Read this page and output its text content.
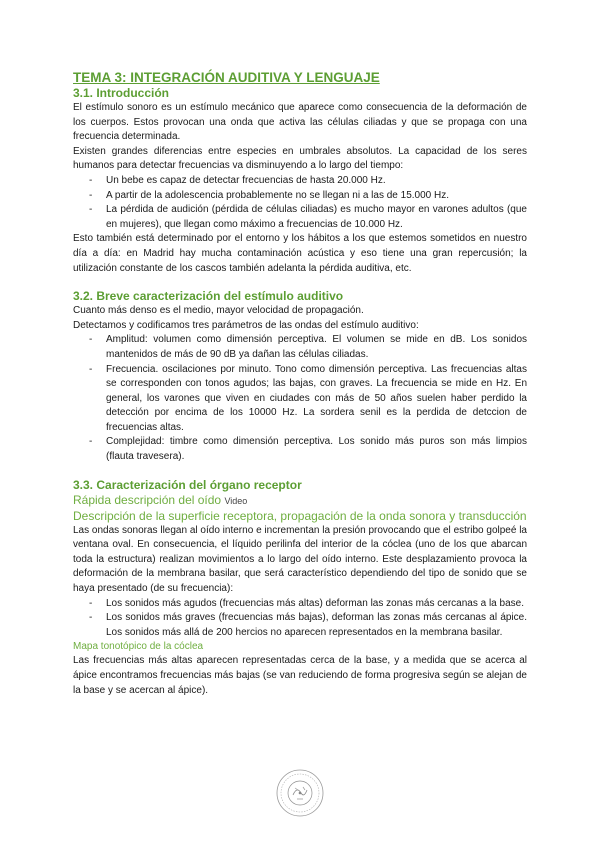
TEMA 3: INTEGRACIÓN AUDITIVA Y LENGUAJE
3.1. Introducción

El estímulo sonoro es un estímulo mecánico que aparece como consecuencia de la deformación de los cuerpos. Estos provocan una onda que activa las células ciliadas y que se propaga con una frecuencia determinada.

Existen grandes diferencias entre especies en umbrales absolutos. La capacidad de los seres humanos para detectar frecuencias va disminuyendo a lo largo del tiempo:

- Un bebe es capaz de detectar frecuencias de hasta 20.000 Hz.
- A partir de la adolescencia probablemente no se llegan ni a las de 15.000 Hz.
- La pérdida de audición (pérdida de células ciliadas) es mucho mayor en varones adultos (que en mujeres), que llegan como máximo a frecuencias de 10.000 Hz.

Esto también está determinado por el entorno y los hábitos a los que estemos sometidos en nuestro día a día: en Madrid hay mucha contaminación acústica y eso tiene una gran repercusión; la utilización constante de los cascos también adelanta la pérdida auditiva, etc.

3.2. Breve caracterización del estímulo auditivo

Cuanto más denso es el medio, mayor velocidad de propagación.

Detectamos y codificamos tres parámetros de las ondas del estímulo auditivo:

- Amplitud: volumen como dimensión perceptiva. El volumen se mide en dB. Los sonidos mantenidos de más de 90 dB ya dañan las células ciliadas.
- Frecuencia. oscilaciones por minuto. Tono como dimensión perceptiva. Las frecuencias altas se corresponden con tonos agudos; las bajas, con graves. La frecuencia se mide en Hz. En general, los varones que viven en ciudades con más de 50 años suelen haber perdido la detección por encima de los 10000 Hz. La sordera senil es la perdida de detccion de frecuencias altas.
- Complejidad: timbre como dimensión perceptiva. Los sonido más puros son más limpios (flauta travesera).
3.3. Caracterización del órgano receptor

Rápida descripción del oído Video

Descripción de la superficie receptora, propagación de la onda sonora y transducción

Las ondas sonoras llegan al oído interno e incrementan la presión provocando que el estribo golpeé la ventana oval. En consecuencia, el líquido perilinfa del interior de la cóclea (uno de los que abarcan toda la estructura) realizan movimientos a lo largo del oído interno. Este desplazamiento provoca la deformación de la membrana basilar, que será característico dependiendo del tipo de sonido que se haya presentado (de su frecuencia):

- Los sonidos más agudos (frecuencias más altas) deforman las zonas más cercanas a la base.
- Los sonidos más graves (frecuencias más bajas), deforman las zonas más cercanas al ápice. Los sonidos más allá de 200 hercios no aparecen representados en la membrana basilar.

Mapa tonotópico de la cóclea

Las frecuencias más altas aparecen representadas cerca de la base, y a medida que se acerca al ápice encontramos frecuencias más bajas (se van reduciendo de forma progresiva según se alejan de la base y se acercan al ápice).
